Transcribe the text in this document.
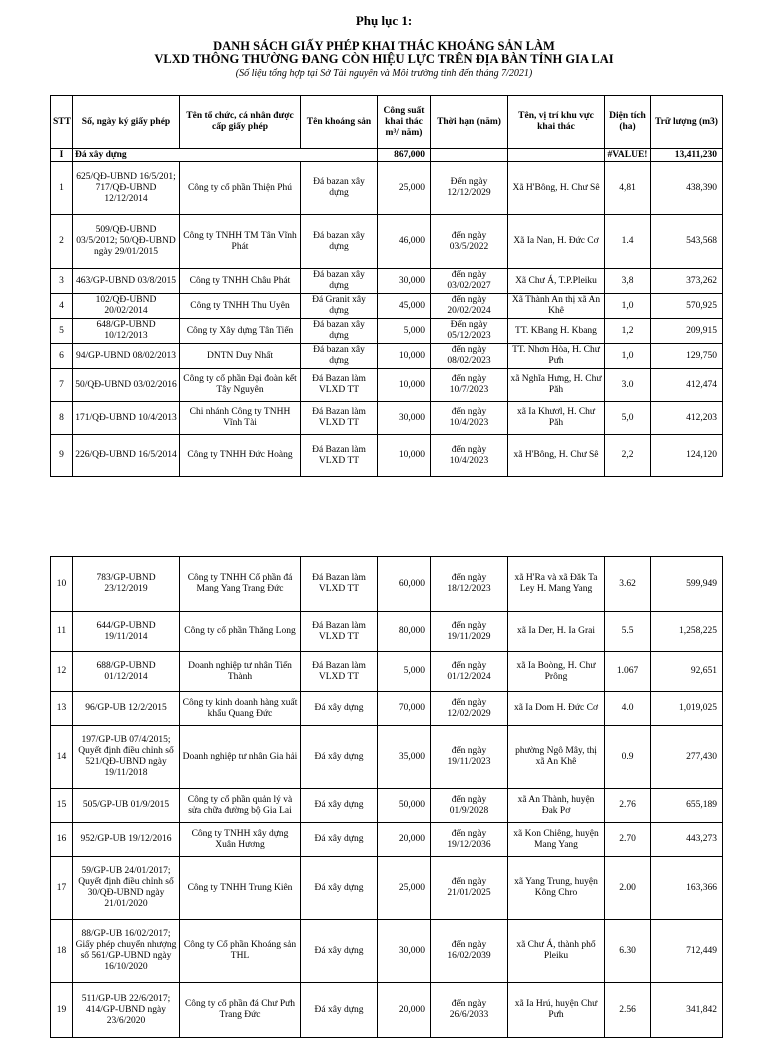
Phụ lục 1:
DANH SÁCH GIẤY PHÉP KHAI THÁC KHOÁNG SẢN LÀM
VLXD THÔNG THƯỜNG ĐANG CÒN HIỆU LỰC TRÊN ĐỊA BÀN TỈNH GIA LAI
(Số liệu tổng hợp tại Sở Tài nguyên và Môi trường tỉnh đến tháng 7/2021)
STT	Số, ngày ký giấy phép	Tên tổ chức, cá nhân được cấp giấy phép	Tên khoáng sản	Công suất khai thác m³/ năm)	Thời hạn (năm)	Tên, vị trí khu vực khai thác	Diện tích (ha)	Trữ lượng (m3)
I	Đá xây dựng			867,000			#VALUE!	13,411,230
1	625/QĐ-UBND 16/5/201; 717/QĐ-UBND 12/12/2014	Công ty cổ phần Thiện Phú	Đá bazan xây dựng	25,000	Đến ngày 12/12/2029	Xã H'Bông, H. Chư Sê	4,81	438,390
2	509/QĐ-UBND 03/5/2012; 50/QĐ-UBND ngày 29/01/2015	Công ty TNHH TM Tân Vĩnh Phát	Đá bazan xây dựng	46,000	đến ngày 03/5/2022	Xã Ia Nan, H. Đức Cơ	1.4	543,568
3	463/GP-UBND 03/8/2015	Công ty TNHH Châu Phát	Đá bazan xây dựng	30,000	đến ngày 03/02/2027	Xã Chư Á, T.P.Pleiku	3,8	373,262
4	102/QĐ-UBND 20/02/2014	Công ty TNHH Thu Uyên	Đá Granit xây dựng	45,000	đến ngày 20/02/2024	Xã Thành An thị xã An Khê	1,0	570,925
5	648/GP-UBND 10/12/2013	Công ty Xây dựng Tân Tiến	Đá bazan xây dựng	5,000	Đến ngày 05/12/2023	TT. KBang H. Kbang	1,2	209,915
6	94/GP-UBND 08/02/2013	DNTN Duy Nhất	Đá bazan xây dựng	10,000	đến ngày 08/02/2023	TT. Nhơn Hòa, H. Chư Pưh	1,0	129,750
7	50/QĐ-UBND 03/02/2016	Công ty cổ phần Đại đoàn kết Tây Nguyên	Đá Bazan làm VLXD TT	10,000	đến ngày 10/7/2023	xã Nghĩa Hưng, H. Chư Păh	3.0	412,474
8	171/QĐ-UBND 10/4/2013	Chi nhánh Công ty TNHH Vĩnh Tài	Đá Bazan làm VLXD TT	30,000	đến ngày 10/4/2023	xã Ia Khươl, H. Chư Păh	5,0	412,203
9	226/QĐ-UBND 16/5/2014	Công ty TNHH Đức Hoàng	Đá Bazan làm VLXD TT	10,000	đến ngày 10/4/2023	xã H'Bông, H. Chư Sê	2,2	124,120
10	783/GP-UBND 23/12/2019	Công ty TNHH Cổ phần đá Mang Yang Trang Đức	Đá Bazan làm VLXD TT	60,000	đến ngày 18/12/2023	xã H'Ra và xã Đăk Ta Ley H. Mang Yang	3.62	599,949
11	644/GP-UBND 19/11/2014	Công ty cổ phần Thăng Long	Đá Bazan làm VLXD TT	80,000	đến ngày 19/11/2029	xã Ia Der, H. Ia Grai	5.5	1,258,225
12	688/GP-UBND 01/12/2014	Doanh nghiệp tư nhân Tiến Thành	Đá Bazan làm VLXD TT	5,000	đến ngày 01/12/2024	xã Ia Boòng, H. Chư Prông	1.067	92,651
13	96/GP-UB 12/2/2015	Công ty kinh doanh hàng xuất khẩu Quang Đức	Đá xây dựng	70,000	đến ngày 12/02/2029	xã Ia Dom H. Đức Cơ	4.0	1,019,025
14	197/GP-UB 07/4/2015; Quyết định điều chỉnh số 521/QĐ-UBND ngày 19/11/2018	Doanh nghiệp tư nhân Gia hải	Đá xây dựng	35,000	đến ngày 19/11/2023	phường Ngô Mây, thị xã An Khê	0.9	277,430
15	505/GP-UB 01/9/2015	Công ty cổ phần quản lý và sửa chữa đường bộ Gia Lai	Đá xây dựng	50,000	đến ngày 01/9/2028	xã An Thành, huyện Đak Pơ	2.76	655,189
16	952/GP-UB 19/12/2016	Công ty TNHH xây dựng Xuân Hương	Đá xây dựng	20,000	đến ngày 19/12/2036	xã Kon Chiêng, huyện Mang Yang	2.70	443,273
17	59/GP-UB 24/01/2017; Quyết định điều chỉnh số 30/QĐ-UBND ngày 21/01/2020	Công ty TNHH Trung Kiên	Đá xây dựng	25,000	đến ngày 21/01/2025	xã Yang Trung, huyện Kông Chro	2.00	163,366
18	88/GP-UB 16/02/2017; Giấy phép chuyển nhượng số 561/GP-UBND ngày 16/10/2020	Công ty Cổ phần Khoáng sản THL	Đá xây dựng	30,000	đến ngày 16/02/2039	xã Chư Á, thành phố Pleiku	6.30	712,449
19	511/GP-UB 22/6/2017; 414/GP-UBND ngày 23/6/2020	Công ty cổ phần đá Chư Pưh Trang Đức	Đá xây dựng	20,000	đến ngày 26/6/2033	xã Ia Hrú, huyện Chư Pưh	2.56	341,842
